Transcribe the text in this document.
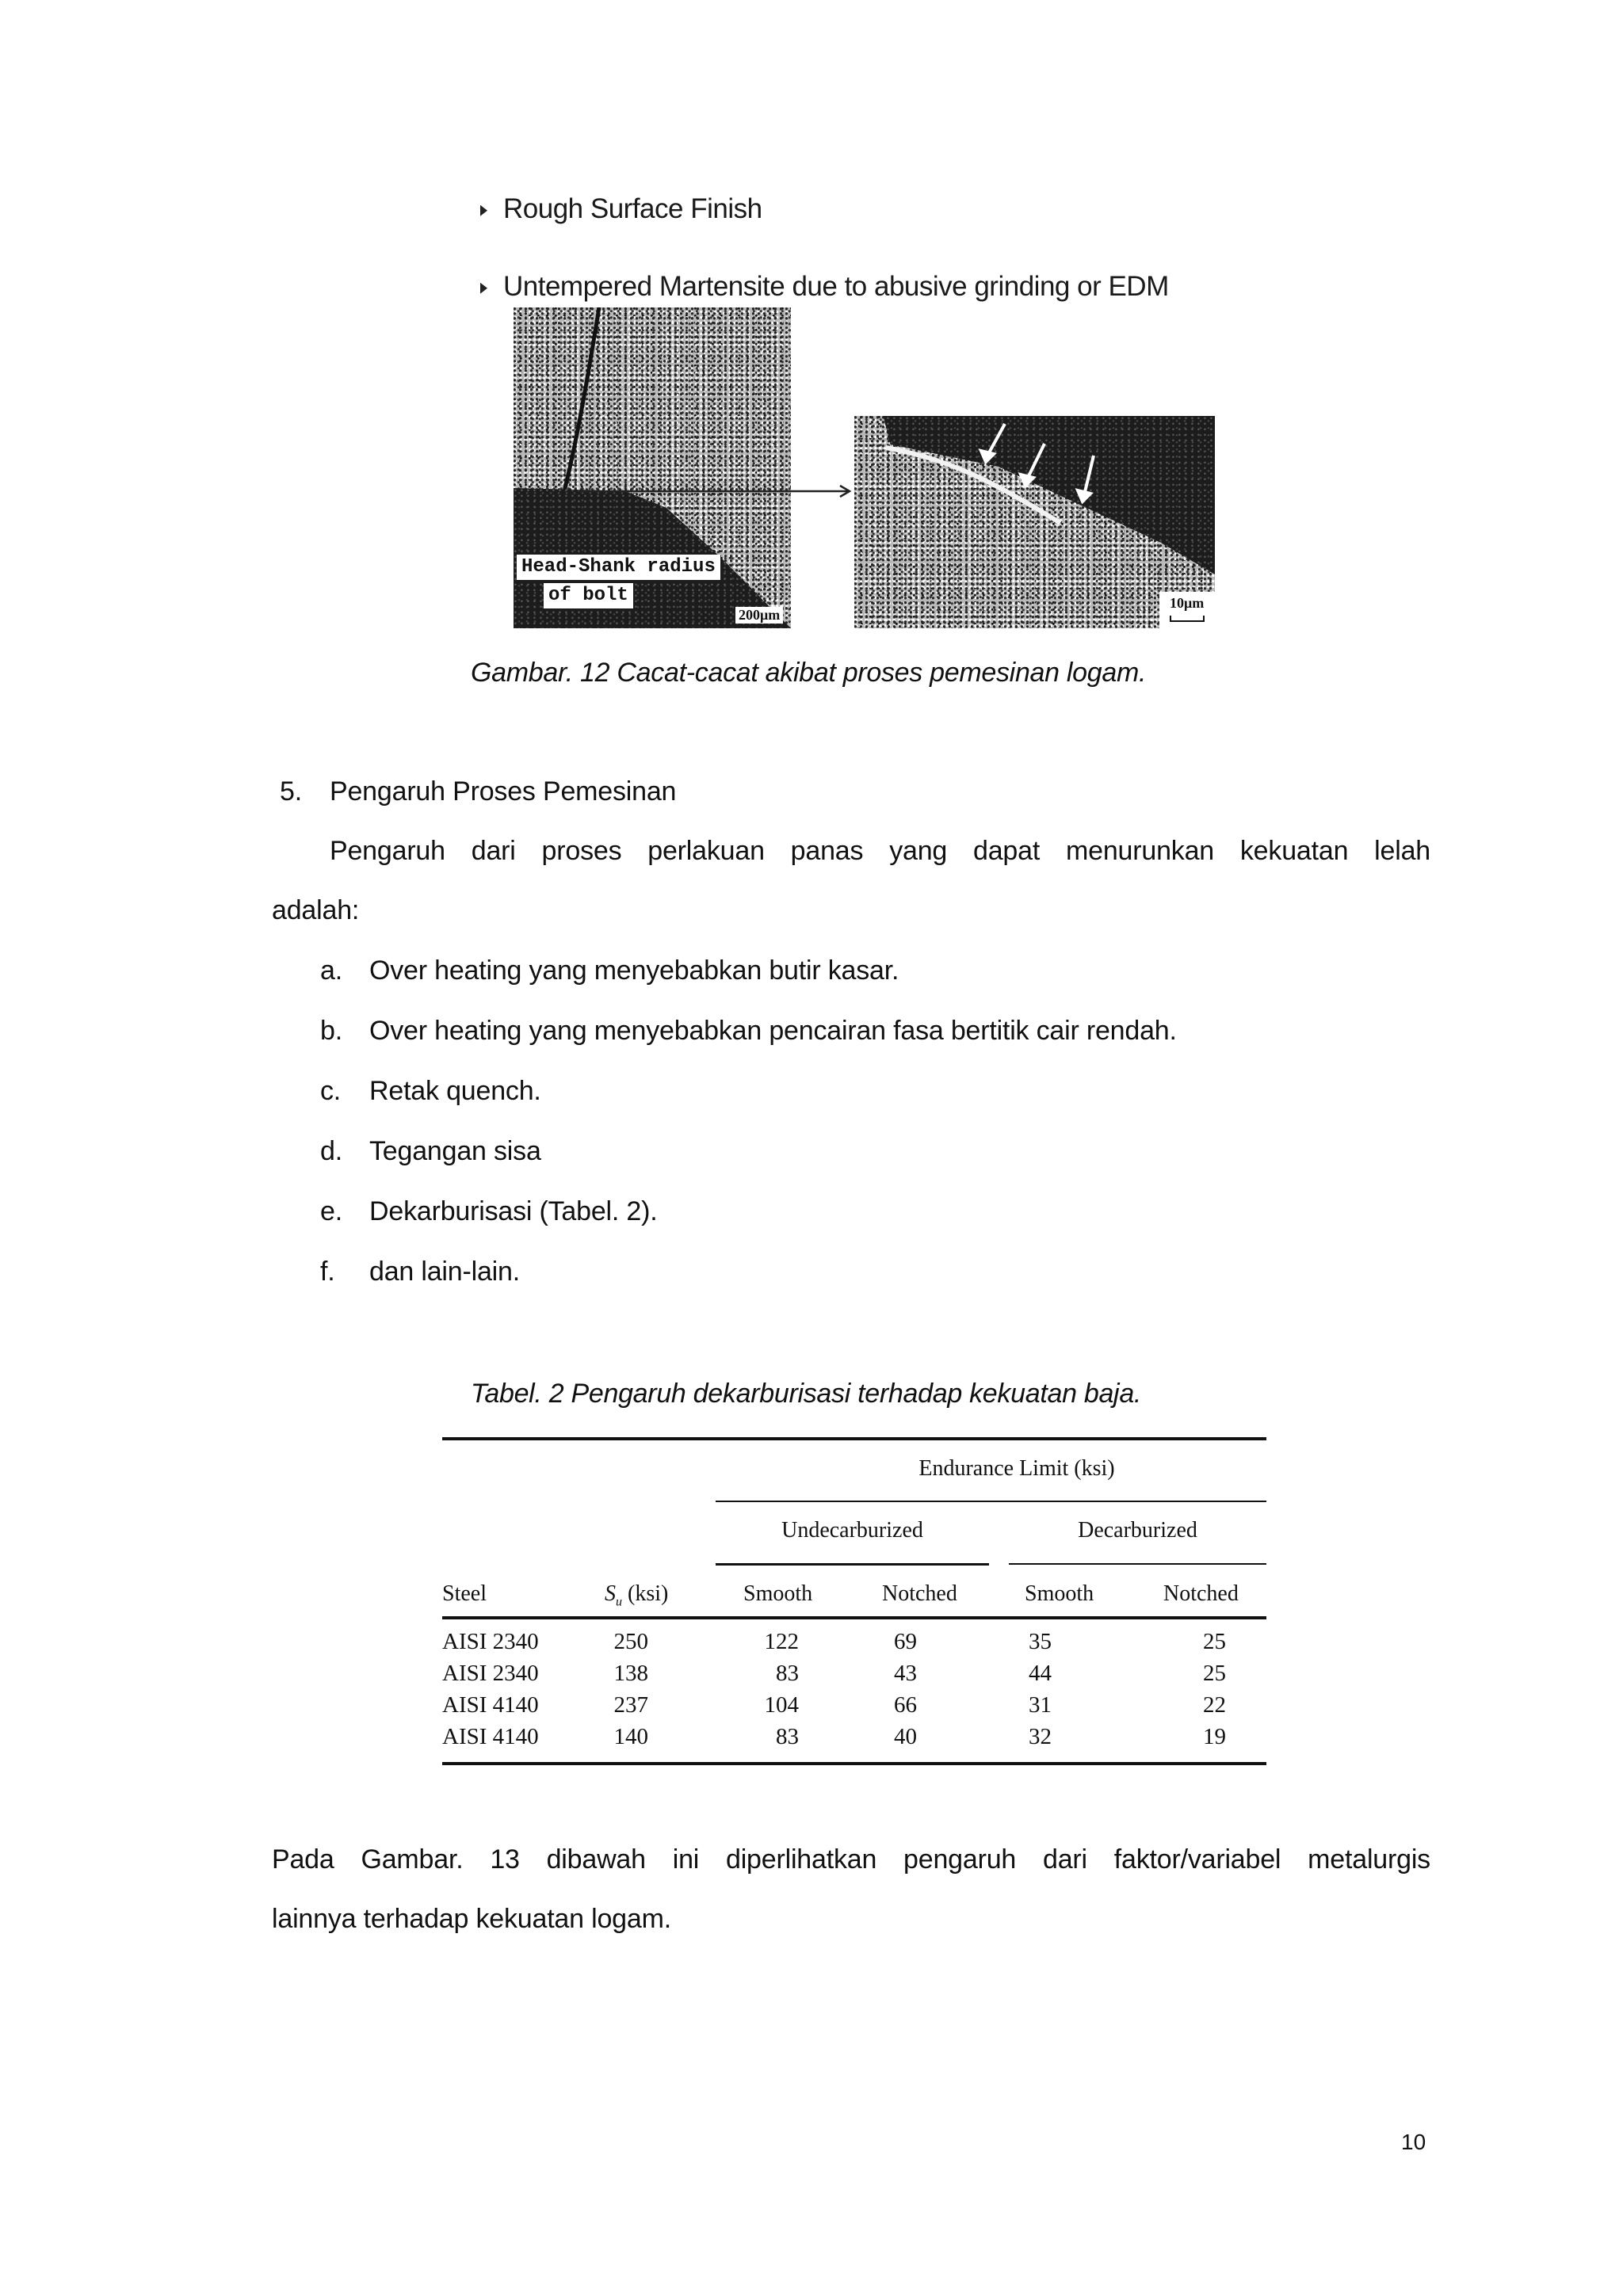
Rough Surface Finish
Untempered Martensite due to abusive grinding or EDM
Head-Shank radius
of bolt
200μm
10μm
Gambar. 12 Cacat-cacat akibat proses pemesinan logam.
5. Pengaruh Proses Pemesinan
Pengaruh dari proses perlakuan panas yang dapat menurunkan kekuatan lelah
adalah:
a. Over heating yang menyebabkan butir kasar.
b. Over heating yang menyebabkan pencairan fasa bertitik cair rendah.
c. Retak quench.
d. Tegangan sisa
e. Dekarburisasi (Tabel. 2).
f. dan lain-lain.
Tabel. 2 Pengaruh dekarburisasi terhadap kekuatan baja.
Endurance Limit (ksi)
Undecarburized	Decarburized
Steel	$S_u$ (ksi)	Smooth	Notched	Smooth	Notched
AISI 2340	250	122	69	35	25
AISI 2340	138	83	43	44	25
AISI 4140	237	104	66	31	22
AISI 4140	140	83	40	32	19
Pada Gambar. 13 dibawah ini diperlihatkan pengaruh dari faktor/variabel metalurgis
lainnya terhadap kekuatan logam.
10
